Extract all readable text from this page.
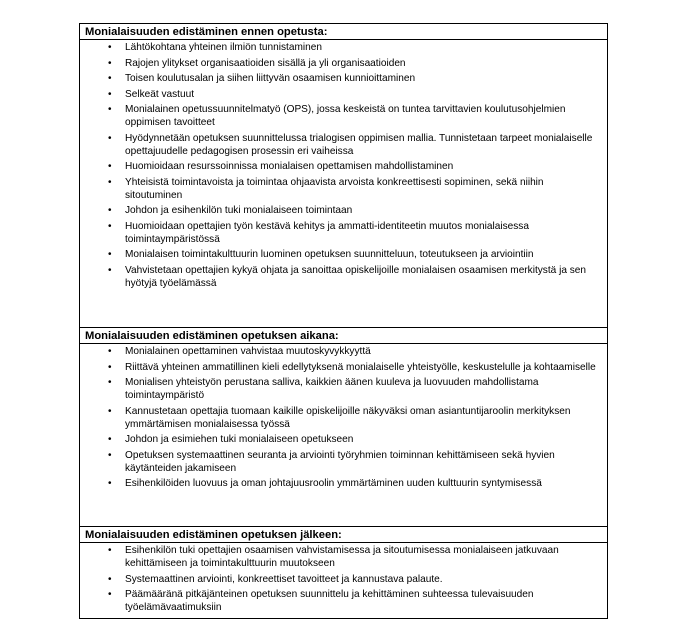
Monialaisuuden edistäminen ennen opetusta:
• Lähtökohtana yhteinen ilmiön tunnistaminen
• Rajojen ylitykset organisaatioiden sisällä ja yli organisaatioiden
• Toisen koulutusalan ja siihen liittyvän osaamisen kunnioittaminen
• Selkeät vastuut
• Monialainen opetussuunnitelmatyö (OPS), jossa keskeistä on tuntea tarvittavien koulutusohjelmien oppimisen tavoitteet
• Hyödynnetään opetuksen suunnittelussa trialogisen oppimisen mallia. Tunnistetaan tarpeet monialaiselle opettajuudelle pedagogisen prosessin eri vaiheissa
• Huomioidaan resurssoinnissa monialaisen opettamisen mahdollistaminen
• Yhteisistä toimintavoista ja toimintaa ohjaavista arvoista konkreettisesti sopiminen, sekä niihin sitoutuminen
• Johdon ja esihenkilön tuki monialaiseen toimintaan
• Huomioidaan opettajien työn kestävä kehitys ja ammatti-identiteetin muutos monialaisessa toimintaympäristössä
• Monialaisen toimintakulttuurin luominen opetuksen suunnitteluun, toteutukseen ja arviointiin
• Vahvistetaan opettajien kykyä ohjata ja sanoittaa opiskelijoille monialaisen osaamisen merkitystä ja sen hyötyjä työelämässä
Monialaisuuden edistäminen opetuksen aikana:
• Monialainen opettaminen vahvistaa muutoskyvykkyyttä
• Riittävä yhteinen ammatillinen kieli edellytyksenä monialaiselle yhteistyölle, keskustelulle ja kohtaamiselle
• Monialisen yhteistyön perustana salliva, kaikkien äänen kuuleva ja luovuuden mahdollistama toimintaympäristö
• Kannustetaan opettajia tuomaan kaikille opiskelijoille näkyväksi oman asiantuntijaroolin merkityksen ymmärtämisen monialaisessa työssä
• Johdon ja esimiehen tuki monialaiseen opetukseen
• Opetuksen systemaattinen seuranta ja arviointi työryhmien toiminnan kehittämiseen sekä hyvien käytänteiden jakamiseen
• Esihenkilöiden luovuus ja oman johtajuusroolin ymmärtäminen uuden kulttuurin syntymisessä
Monialaisuuden edistäminen opetuksen jälkeen:
• Esihenkilön tuki opettajien osaamisen vahvistamisessa ja sitoutumisessa monialaiseen jatkuvaan kehittämiseen ja toimintakulttuurin muutokseen
• Systemaattinen arviointi, konkreettiset tavoitteet ja kannustava palaute.
• Päämääränä pitkäjänteinen opetuksen suunnittelu ja kehittäminen suhteessa tulevaisuuden työelämävaatimuksiin
